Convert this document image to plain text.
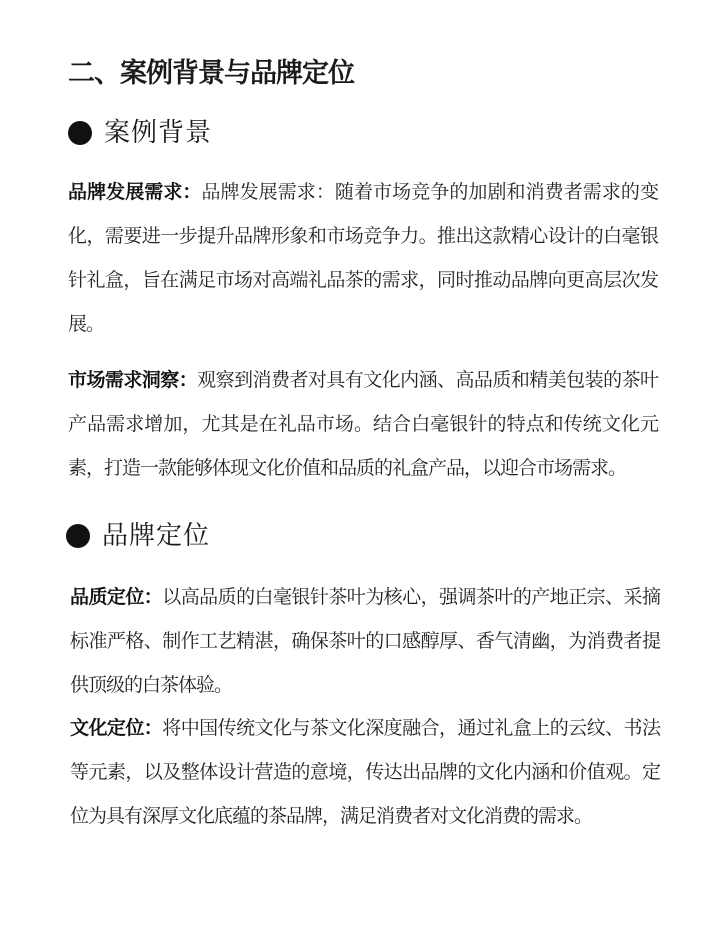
二、案例背景与品牌定位
案例背景
品牌发展需求：品牌发展需求：随着市场竞争的加剧和消费者需求的变化，需要进一步提升品牌形象和市场竞争力。推出这款精心设计的白毫银针礼盒，旨在满足市场对高端礼品茶的需求，同时推动品牌向更高层次发展。
市场需求洞察：观察到消费者对具有文化内涵、高品质和精美包装的茶叶产品需求增加，尤其是在礼品市场。结合白毫银针的特点和传统文化元素，打造一款能够体现文化价值和品质的礼盒产品，以迎合市场需求。
品牌定位
品质定位：以高品质的白毫银针茶叶为核心，强调茶叶的产地正宗、采摘标准严格、制作工艺精湛，确保茶叶的口感醇厚、香气清幽，为消费者提供顶级的白茶体验。
文化定位：将中国传统文化与茶文化深度融合，通过礼盒上的云纹、书法等元素，以及整体设计营造的意境，传达出品牌的文化内涵和价值观。定位为具有深厚文化底蕴的茶品牌，满足消费者对文化消费的需求。
